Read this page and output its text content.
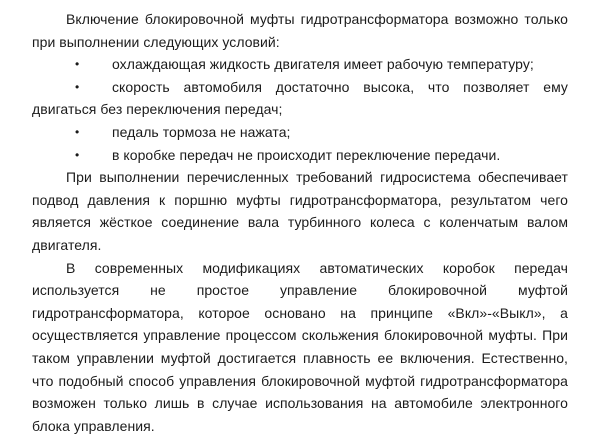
Включение блокировочной муфты гидротрансформатора возможно только при выполнении следующих условий:

• охлаждающая жидкость двигателя имеет рабочую температуру;
•	скорость автомобиля достаточно высока, что позволяет ему двигаться без переключения передач;
• педаль тормоза не нажата;
• в коробке передач не происходит переключение передачи.

При выполнении перечисленных требований гидросистема обеспечивает подвод давления к поршню муфты гидротрансформатора, результатом чего является жёсткое соединение вала турбинного колеса с коленчатым валом двигателя.

В современных модификациях автоматических коробок передач используется не простое управление блокировочной муфтой гидротрансформатора, которое основано на принципе «Вкл»-«Выкл», а осуществляется управление процессом скольжения блокировочной муфты. При таком управлении муфтой достигается плавность ее включения. Естественно, что подобный способ управления блокировочной муфтой гидротрансформатора возможен только лишь в случае использования на автомобиле электронного блока управления.
